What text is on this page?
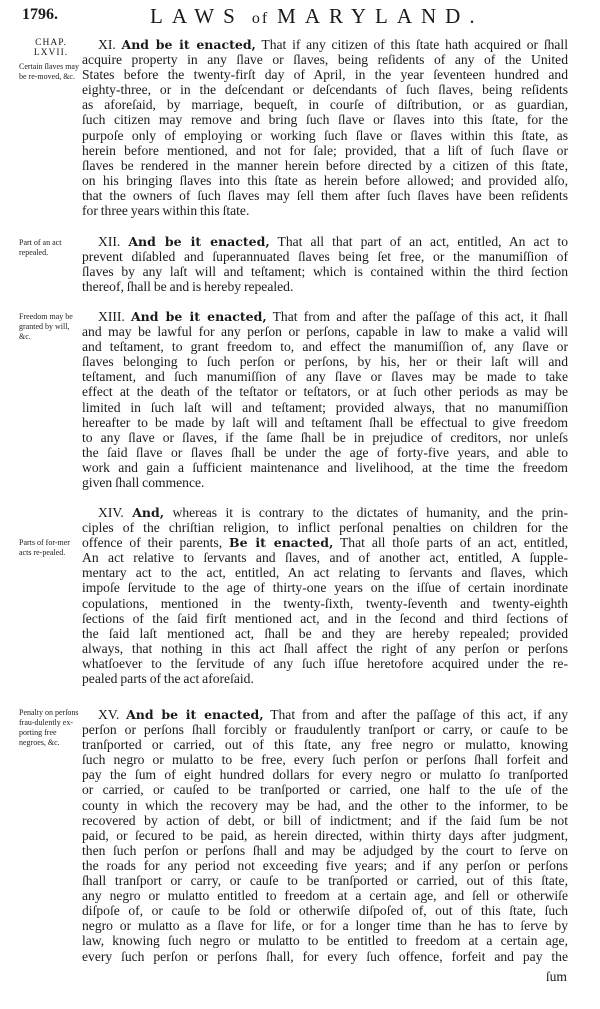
1796.	LAWS of MARYLAND.
CHAP.
LXVII.
Certain ſlaves may be re-moved, &c.
Part of an act repealed.
Freedom may be granted by will, &c.
Parts of for-mer acts re-pealed.
Penalty on perſons frau-dulently ex-porting free negroes, &c.
XI. And be it enacted, That if any citizen of this ſtate hath acquired or ſhall
acquire property in any ſlave or ſlaves, being reſidents of any of the United
States before the twenty-firſt day of April, in the year ſeventeen hundred and
eighty-three, or in the deſcendant or deſcendants of ſuch ſlaves, being reſidents
as aforeſaid, by marriage, bequeſt, in courſe of diſtribution, or as guardian,
ſuch citizen may remove and bring ſuch ſlave or ſlaves into this ſtate, for the
purpoſe only of employing or working ſuch ſlave or ſlaves within this ſtate, as
herein before mentioned, and not for ſale; provided, that a liſt of ſuch ſlave or
ſlaves be rendered in the manner herein before directed by a citizen of this ſtate,
on his bringing ſlaves into this ſtate as herein before allowed; and provided alſo,
that the owners of ſuch ſlaves may ſell them after ſuch ſlaves have been reſidents
for three years within this ſtate.
XII. And be it enacted, That all that part of an act, entitled, An act to
prevent diſabled and ſuperannuated ſlaves being ſet free, or the manumiſſion of
ſlaves by any laſt will and teſtament; which is contained within the third ſection
thereof, ſhall be and is hereby repealed.
XIII. And be it enacted, That from and after the paſſage of this act, it ſhall
and may be lawful for any perſon or perſons, capable in law to make a valid will
and teſtament, to grant freedom to, and effect the manumiſſion of, any ſlave or
ſlaves belonging to ſuch perſon or perſons, by his, her or their laſt will and
teſtament, and ſuch manumiſſion of any ſlave or ſlaves may be made to take
effect at the death of the teſtator or teſtators, or at ſuch other periods as may be
limited in ſuch laſt will and teſtament; provided always, that no manumiſſion
hereafter to be made by laſt will and teſtament ſhall be effectual to give freedom
to any ſlave or ſlaves, if the ſame ſhall be in prejudice of creditors, nor unleſs
the ſaid ſlave or ſlaves ſhall be under the age of forty-five years, and able to
work and gain a ſufficient maintenance and livelihood, at the time the freedom
given ſhall commence.
XIV. And, whereas it is contrary to the dictates of humanity, and the prin-
ciples of the chriſtian religion, to inflict perſonal penalties on children for the
offence of their parents, Be it enacted, That all thoſe parts of an act, entitled,
An act relative to ſervants and ſlaves, and of another act, entitled, A ſupple-
mentary act to the act, entitled, An act relating to ſervants and ſlaves, which
impoſe ſervitude to the age of thirty-one years on the iſſue of certain inordinate
copulations, mentioned in the twenty-ſixth, twenty-ſeventh and twenty-eighth
ſections of the ſaid firſt mentioned act, and in the ſecond and third ſections of
the ſaid laſt mentioned act, ſhall be and they are hereby repealed; provided
always, that nothing in this act ſhall affect the right of any perſon or perſons
whatſoever to the ſervitude of any ſuch iſſue heretofore acquired under the re-
pealed parts of the act aforeſaid.
XV. And be it enacted, That from and after the paſſage of this act, if any
perſon or perſons ſhall forcibly or fraudulently tranſport or carry, or cauſe to be
tranſported or carried, out of this ſtate, any free negro or mulatto, knowing
ſuch negro or mulatto to be free, every ſuch perſon or perſons ſhall forfeit and
pay the ſum of eight hundred dollars for every negro or mulatto ſo tranſported
or carried, or cauſed to be tranſported or carried, one half to the uſe of the
county in which the recovery may be had, and the other to the informer, to be
recovered by action of debt, or bill of indictment; and if the ſaid ſum be not
paid, or ſecured to be paid, as herein directed, within thirty days after judgment,
then ſuch perſon or perſons ſhall and may be adjudged by the court to ſerve on
the roads for any period not exceeding five years; and if any perſon or perſons
ſhall tranſport or carry, or cauſe to be tranſported or carried, out of this ſtate,
any negro or mulatto entitled to freedom at a certain age, and ſell or otherwiſe
diſpoſe of, or cauſe to be ſold or otherwiſe diſpoſed of, out of this ſtate, ſuch
negro or mulatto as a ſlave for life, or for a longer time than he has to ſerve by
law, knowing ſuch negro or mulatto to be entitled to freedom at a certain age,
every ſuch perſon or perſons ſhall, for every ſuch offence, forfeit and pay the
ſum
